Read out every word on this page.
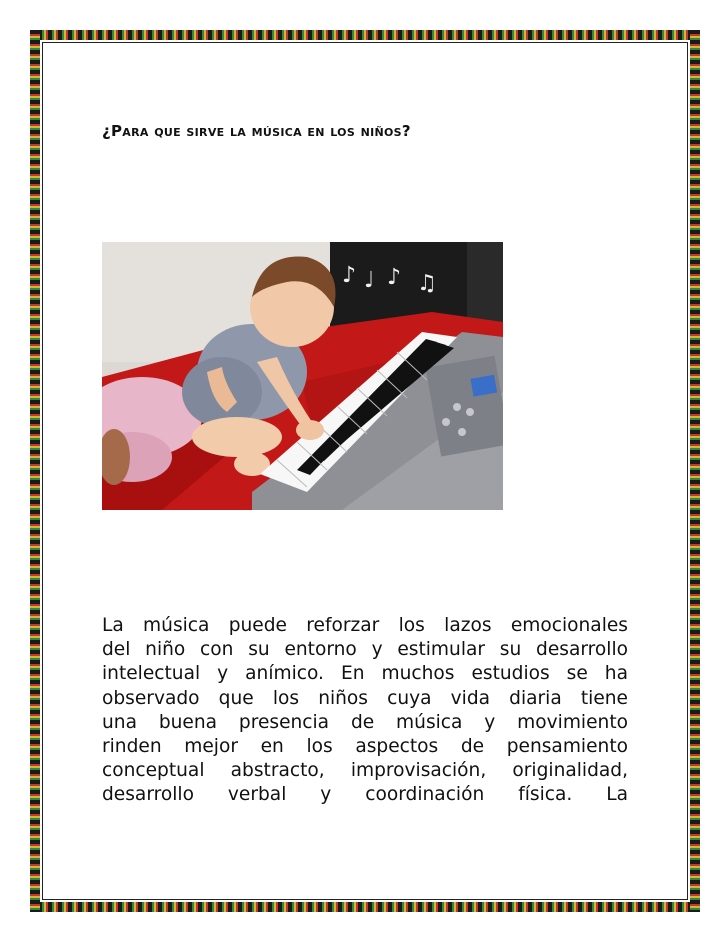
¿Para que sirve la música en los niños?
♪ ♩ ♪ ♫
La música puede reforzar los lazos emocionales
del niño con su entorno y estimular su desarrollo
intelectual y anímico. En muchos estudios se ha
observado que los niños cuya vida diaria tiene
una buena presencia de música y movimiento
rinden mejor en los aspectos de pensamiento
conceptual abstracto, improvisación, originalidad,
desarrollo verbal y coordinación física. La
